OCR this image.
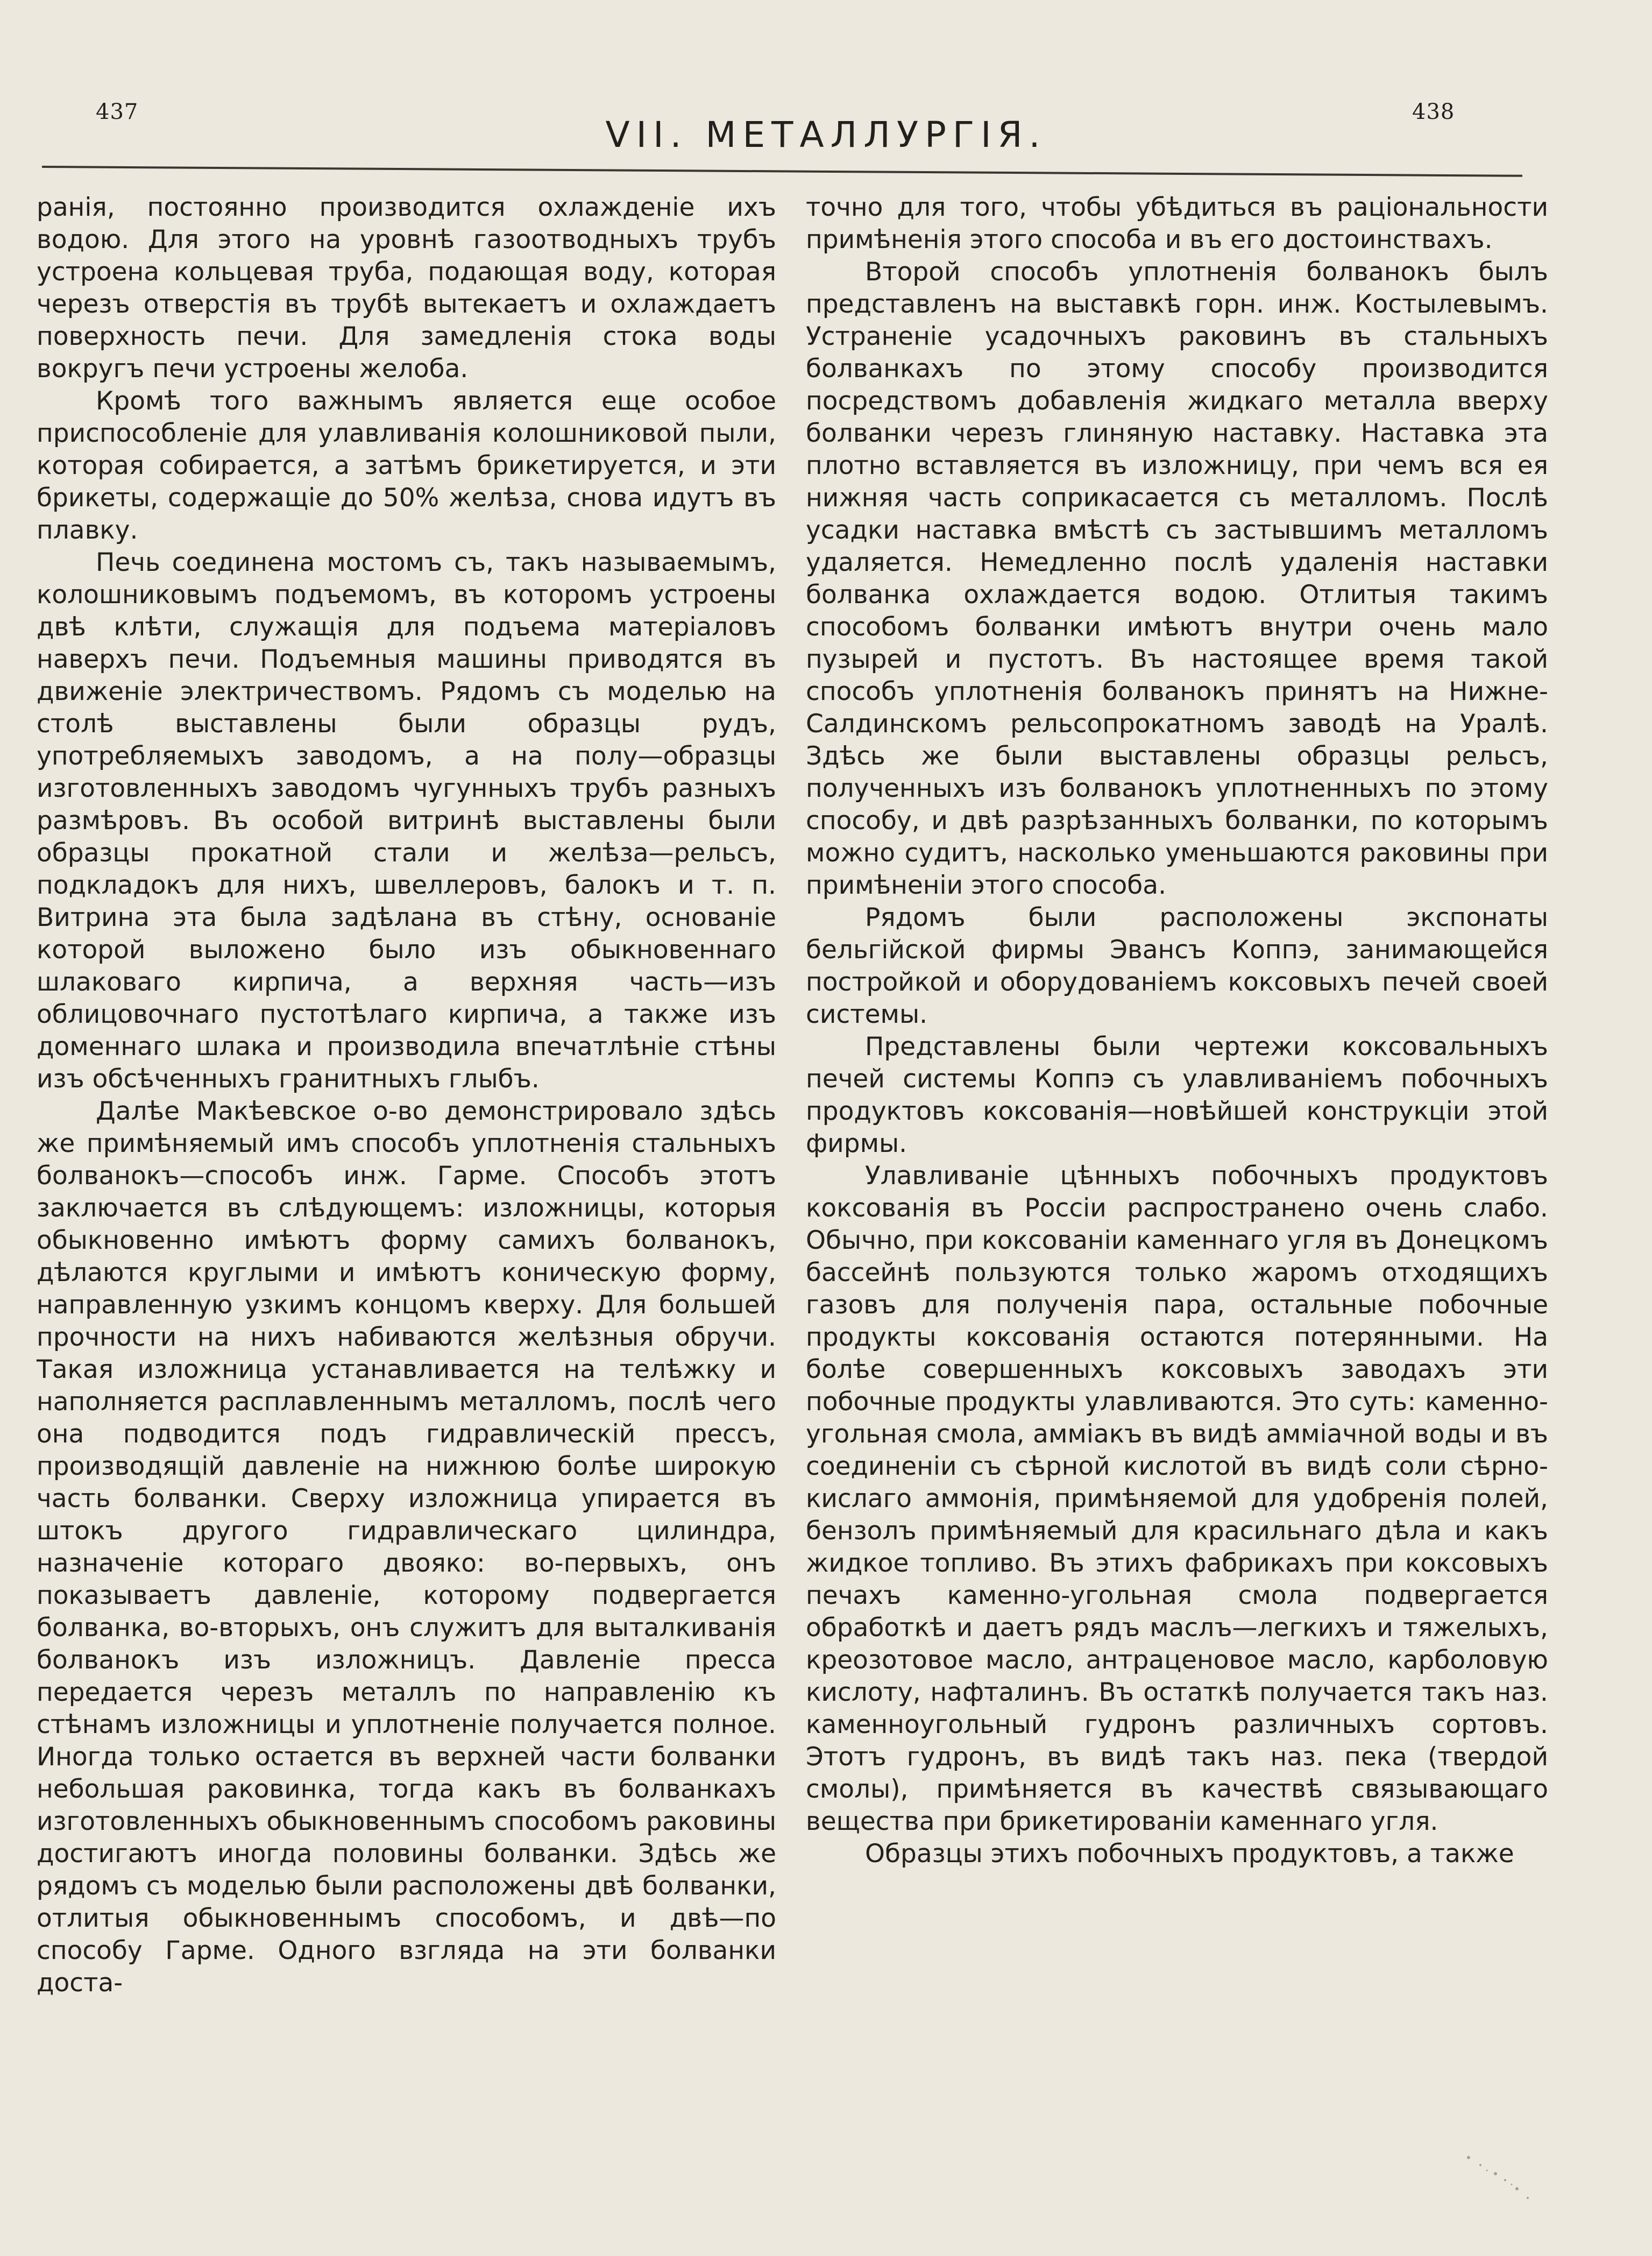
437
VII. МЕТАЛЛУРГІЯ.
438

ранія, постоянно производится охлажденіе ихъ водою. Для этого на уровнѣ газоотводныхъ трубъ устроена кольцевая труба, подающая воду, которая черезъ отверстія въ трубѣ вытекаетъ и охлаждаетъ поверхность печи. Для замедленія стока воды вокругъ печи устроены желоба.

Кромѣ того важнымъ является еще особое приспособленіе для улавливанія колошниковой пыли, которая собирается, а затѣмъ брикетируется, и эти брикеты, содержащіе до 50% желѣза, снова идутъ въ плавку.

Печь соединена мостомъ съ, такъ называемымъ, колошниковымъ подъемомъ, въ которомъ устроены двѣ клѣти, служащія для подъема матеріаловъ наверхъ печи. Подъемныя машины приводятся въ движеніе электричествомъ. Рядомъ съ моделью на столѣ выставлены были образцы рудъ, употребляемыхъ заводомъ, а на полу—образцы изготовленныхъ заводомъ чугунныхъ трубъ разныхъ размѣровъ. Въ особой витринѣ выставлены были образцы прокатной стали и желѣза—рельсъ, подкладокъ для нихъ, швеллеровъ, балокъ и т. п. Витрина эта была задѣлана въ стѣну, основаніе которой выложено было изъ обыкновеннаго шлаковаго кирпича, а верхняя часть—изъ облицовочнаго пустотѣлаго кирпича, а также изъ доменнаго шлака и производила впечатлѣніе стѣны изъ обсѣченныхъ гранитныхъ глыбъ.

Далѣе Макѣевское о-во демонстрировало здѣсь же примѣняемый имъ способъ уплотненія стальныхъ болванокъ—способъ инж. Гарме. Способъ этотъ заключается въ слѣдующемъ: изложницы, которыя обыкновенно имѣютъ форму самихъ болванокъ, дѣлаются круглыми и имѣютъ коническую форму, направленную узкимъ концомъ кверху. Для большей прочности на нихъ набиваются желѣзныя обручи. Такая изложница устанавливается на телѣжку и наполняется расплавленнымъ металломъ, послѣ чего она подводится подъ гидравлическій прессъ, производящій давленіе на нижнюю болѣе широкую часть болванки. Сверху изложница упирается въ штокъ другого гидравлическаго цилиндра, назначеніе котораго двояко: во-первыхъ, онъ показываетъ давленіе, которому подвергается болванка, во-вторыхъ, онъ служитъ для выталкиванія болванокъ изъ изложницъ. Давленіе пресса передается черезъ металлъ по направленію къ стѣнамъ изложницы и уплотненіе получается полное. Иногда только остается въ верхней части болванки небольшая раковинка, тогда какъ въ болванкахъ изготовленныхъ обыкновеннымъ способомъ раковины достигаютъ иногда половины болванки. Здѣсь же рядомъ съ моделью были расположены двѣ болванки, отлитыя обыкновеннымъ способомъ, и двѣ—по способу Гарме. Одного взгляда на эти болванки доста-

точно для того, чтобы убѣдиться въ раціональности примѣненія этого способа и въ его достоинствахъ.

Второй способъ уплотненія болванокъ былъ представленъ на выставкѣ горн. инж. Костылевымъ. Устраненіе усадочныхъ раковинъ въ стальныхъ болванкахъ по этому способу производится посредствомъ добавленія жидкаго металла вверху болванки черезъ глиняную наставку. Наставка эта плотно вставляется въ изложницу, при чемъ вся ея нижняя часть соприкасается съ металломъ. Послѣ усадки наставка вмѣстѣ съ застывшимъ металломъ удаляется. Немедленно послѣ удаленія наставки болванка охлаждается водою. Отлитыя такимъ способомъ болванки имѣютъ внутри очень мало пузырей и пустотъ. Въ настоящее время такой способъ уплотненія болванокъ принятъ на Нижне-Салдинскомъ рельсопрокатномъ заводѣ на Уралѣ. Здѣсь же были выставлены образцы рельсъ, полученныхъ изъ болванокъ уплотненныхъ по этому способу, и двѣ разрѣзанныхъ болванки, по которымъ можно судитъ, насколько уменьшаются раковины при примѣненіи этого способа.

Рядомъ были расположены экспонаты бельгійской фирмы Эвансъ Коппэ, занимающейся постройкой и оборудованіемъ коксовыхъ печей своей системы.

Представлены были чертежи коксовальныхъ печей системы Коппэ съ улавливаніемъ побочныхъ продуктовъ коксованія—новѣйшей конструкціи этой фирмы.

Улавливаніе цѣнныхъ побочныхъ продуктовъ коксованія въ Россіи распространено очень слабо. Обычно, при коксованіи каменнаго угля въ Донецкомъ бассейнѣ пользуются только жаромъ отходящихъ газовъ для полученія пара, остальные побочные продукты коксованія остаются потерянными. На болѣе совершенныхъ коксовыхъ заводахъ эти побочные продукты улавливаются. Это суть: каменно-угольная смола, амміакъ въ видѣ амміачной воды и въ соединеніи съ сѣрной кислотой въ видѣ соли сѣрно-кислаго аммонія, примѣняемой для удобренія полей, бензолъ примѣняемый для красильнаго дѣла и какъ жидкое топливо. Въ этихъ фабрикахъ при коксовыхъ печахъ каменно-угольная смола подвергается обработкѣ и даетъ рядъ маслъ—легкихъ и тяжелыхъ, креозотовое масло, антраценовое масло, карболовую кислоту, нафталинъ. Въ остаткѣ получается такъ наз. каменноугольный гудронъ различныхъ сортовъ. Этотъ гудронъ, въ видѣ такъ наз. пека (твердой смолы), примѣняется въ качествѣ связывающаго вещества при брикетированіи каменнаго угля.

Образцы этихъ побочныхъ продуктовъ, а также
